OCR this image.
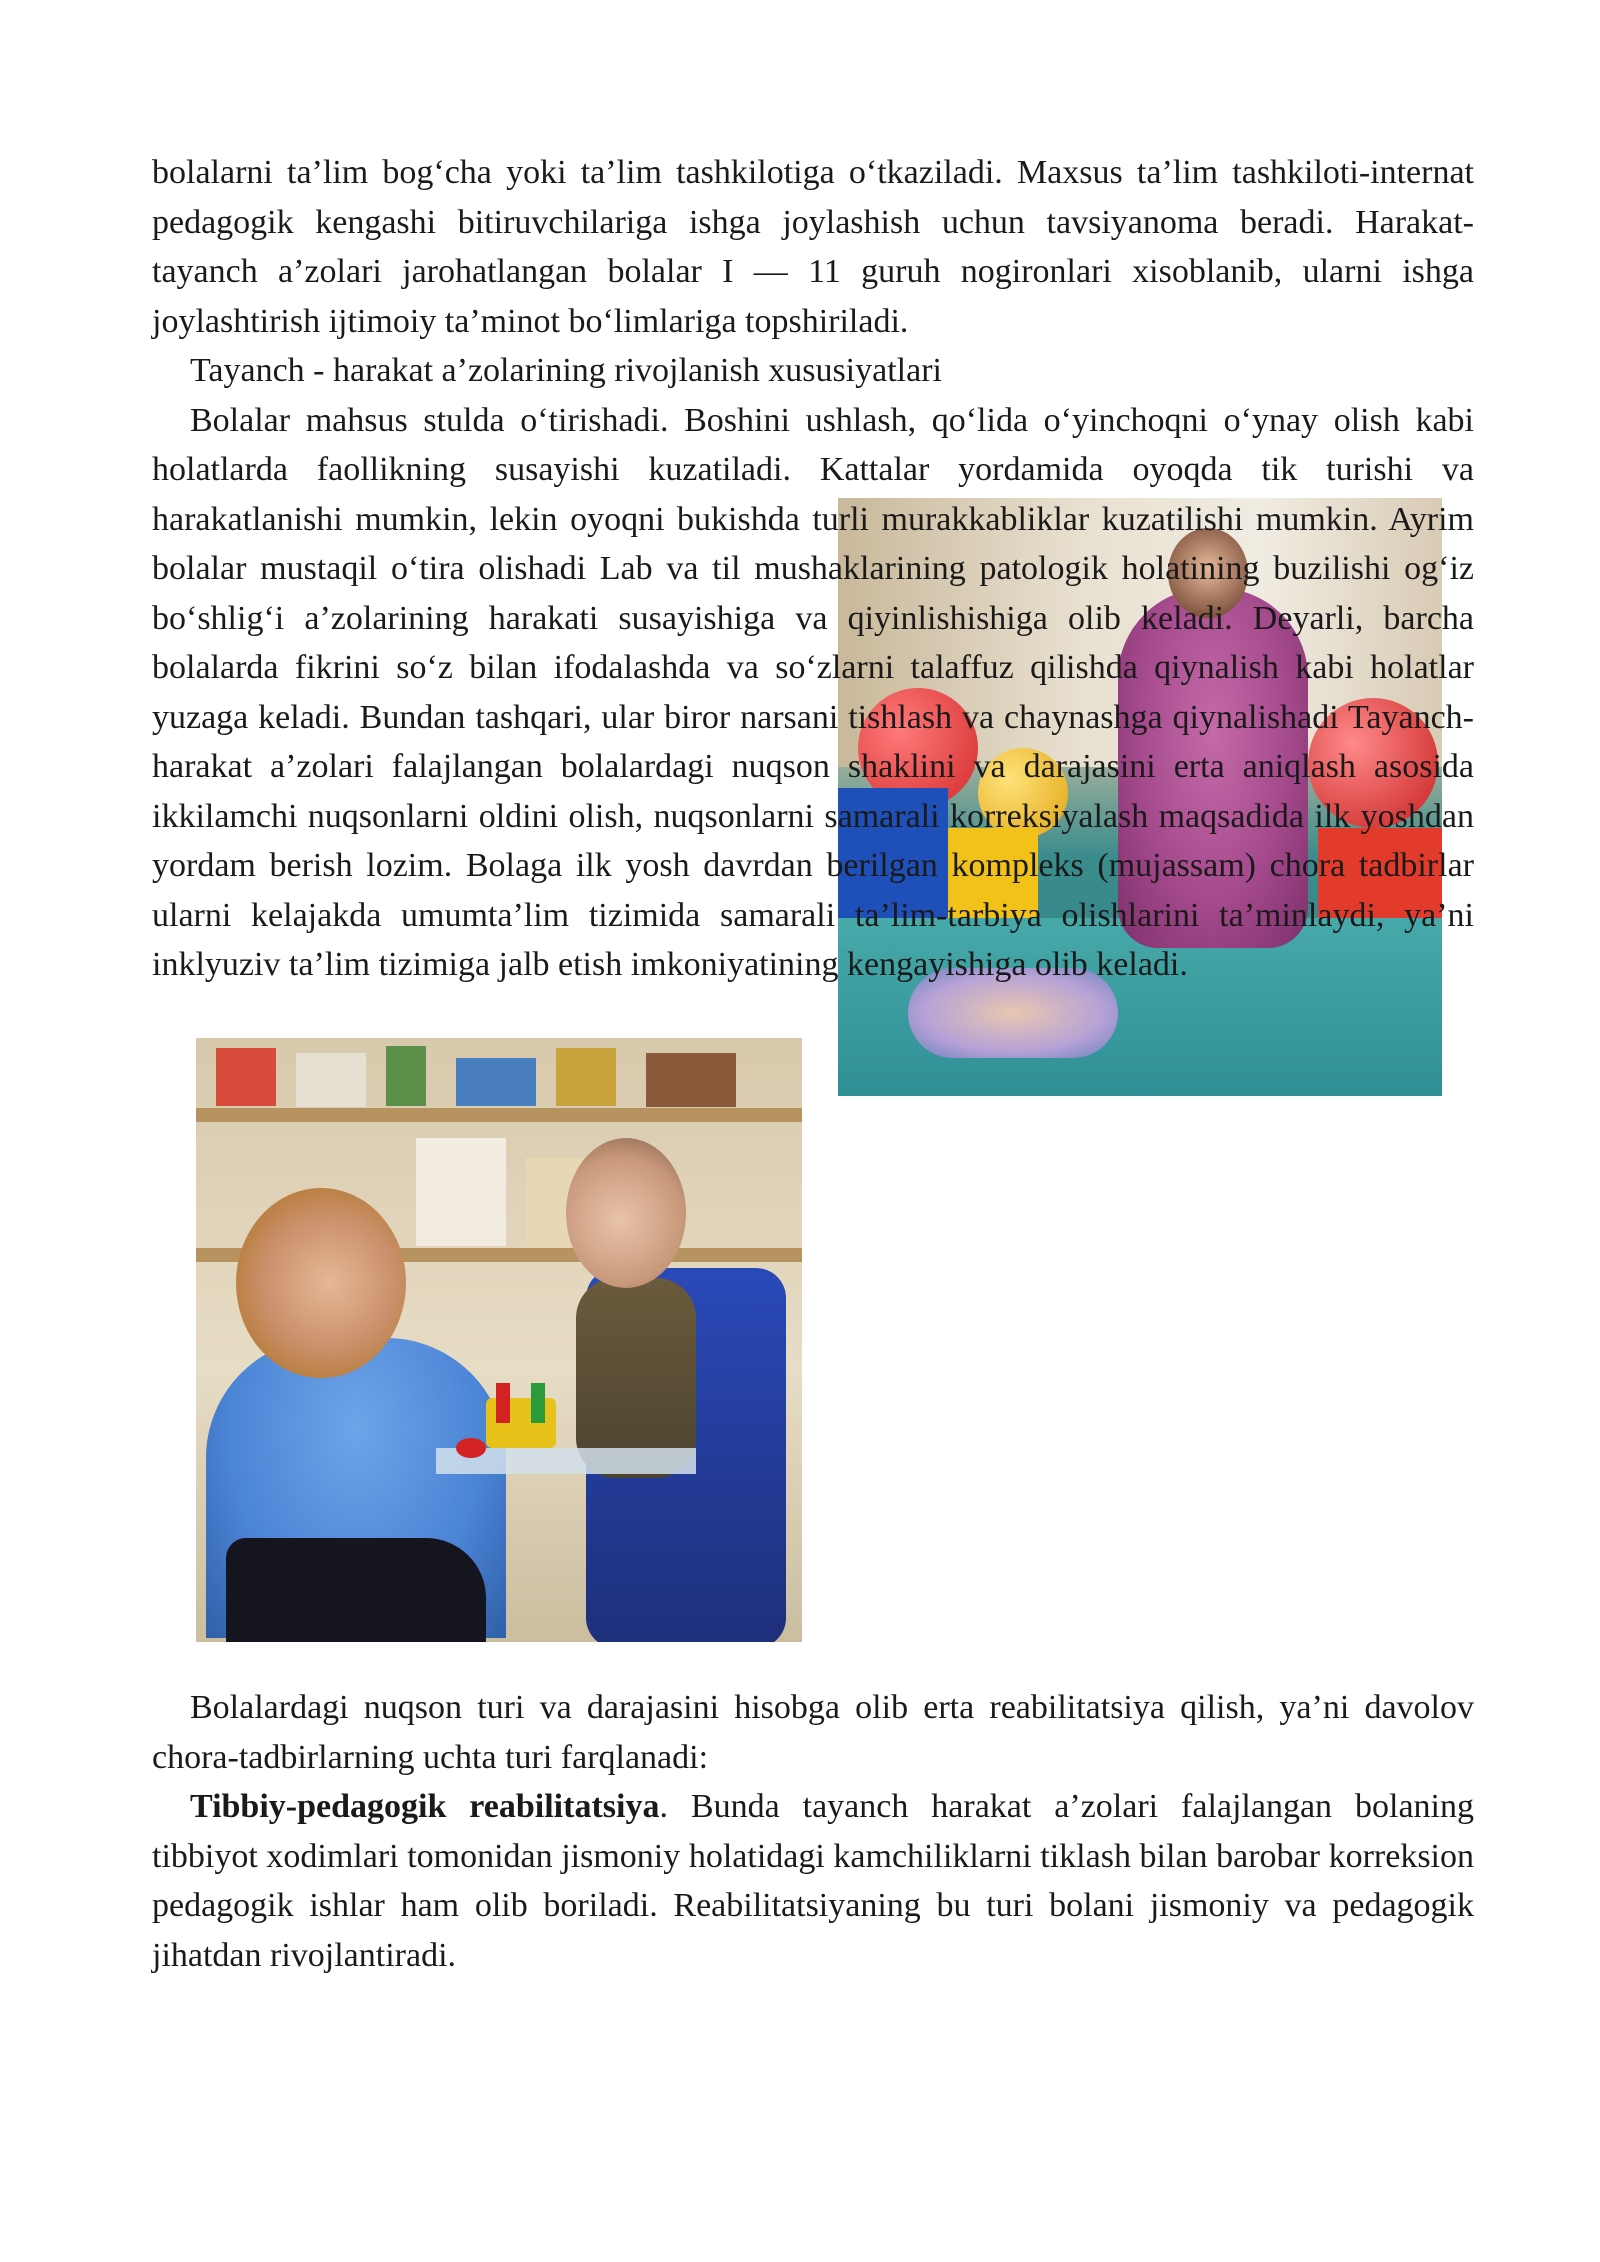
bolalarni ta’lim bog‘cha yoki ta’lim tashkilotiga o‘tkaziladi. Maxsus ta’lim tashkiloti-internat pedagogik kengashi bitiruvchilariga ishga joylashish uchun tavsiyanoma beradi. Harakat-tayanch a’zolari jarohatlangan bolalar I — 11 guruh nogironlari xisoblanib, ularni ishga joylashtirish ijtimoiy ta’minot bo‘limlariga topshiriladi.

Tayanch - harakat a’zolarining rivojlanish xususiyatlari

Bolalar mahsus stulda o‘tirishadi. Boshini ushlash, qo‘lida o‘yinchoqni o‘ynay olish kabi holatlarda faollikning susayishi kuzatiladi. Kattalar yordamida oyoqda tik turishi va harakatlanishi mumkin, lekin oyoqni bukishda turli murakkabliklar kuzatilishi mumkin. Ayrim bolalar mustaqil o‘tira olishadi Lab va til mushaklarining patologik holatining buzilishi og‘iz bo‘shlig‘i a’zolarining harakati susayishiga va qiyinlishishiga olib keladi. Deyarli, barcha bolalarda fikrini so‘z bilan ifodalashda va so‘zlarni talaffuz qilishda qiynalish kabi holatlar yuzaga keladi. Bundan tashqari, ular biror narsani tishlash va chaynashga qiynalishadi Tayanch-harakat a’zolari falajlangan bolalardagi nuqson shaklini va darajasini erta aniqlash asosida ikkilamchi nuqsonlarni oldini olish, nuqsonlarni samarali korreksiyalash maqsadida ilk yoshdan yordam berish lozim. Bolaga ilk yosh davrdan berilgan kompleks (mujassam) chora tadbirlar ularni kelajakda umumta’lim tizimida samarali ta’lim-tarbiya olishlarini ta’minlaydi, ya’ni inklyuziv ta’lim tizimiga jalb etish imkoniyatining kengayishiga olib keladi.

Bolalardagi nuqson turi va darajasini hisobga olib erta reabilitatsiya qilish, ya’ni davolov chora-tadbirlarning uchta turi farqlanadi:

Tibbiy-pedagogik reabilitatsiya. Bunda tayanch harakat a’zolari falajlangan bolaning tibbiyot xodimlari tomonidan jismoniy holatidagi kamchiliklarni tiklash bilan barobar korreksion pedagogik ishlar ham olib boriladi. Reabilitatsiyaning bu turi bolani jismoniy va pedagogik jihatdan rivojlantiradi.
